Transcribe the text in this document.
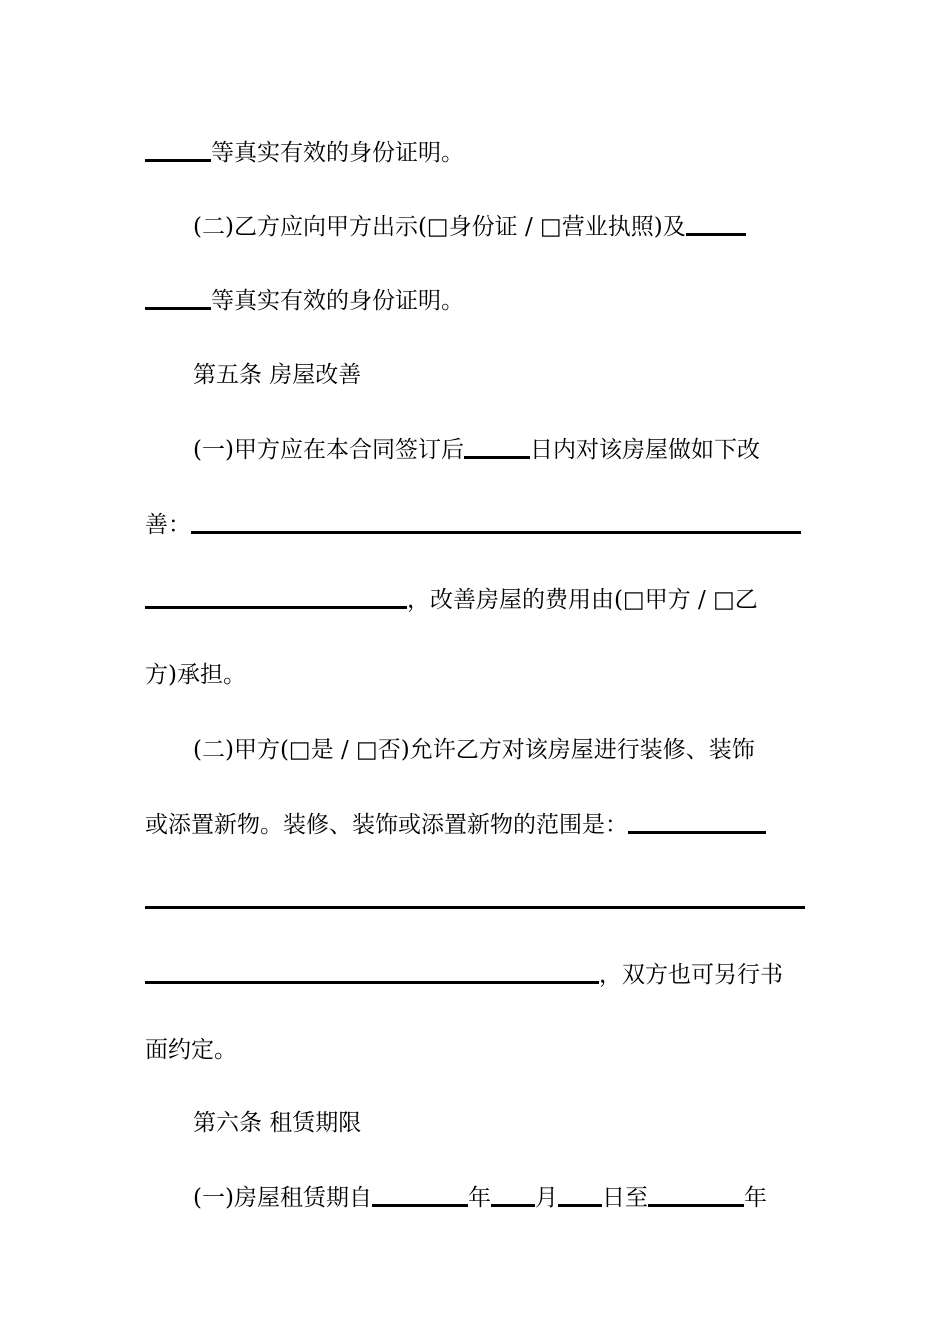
等真实有效的身份证明。
(二)乙方应向甲方出示(□身份证 / □营业执照)及
等真实有效的身份证明。
第五条 房屋改善
(一)甲方应在本合同签订后	日内对该房屋做如下改
善：
，改善房屋的费用由(□甲方 / □乙
方)承担。
(二)甲方(□是 / □否)允许乙方对该房屋进行装修、装饰
或添置新物。装修、装饰或添置新物的范围是：
，双方也可另行书
面约定。
第六条 租赁期限
(一)房屋租赁期自	年 月 日至	年
